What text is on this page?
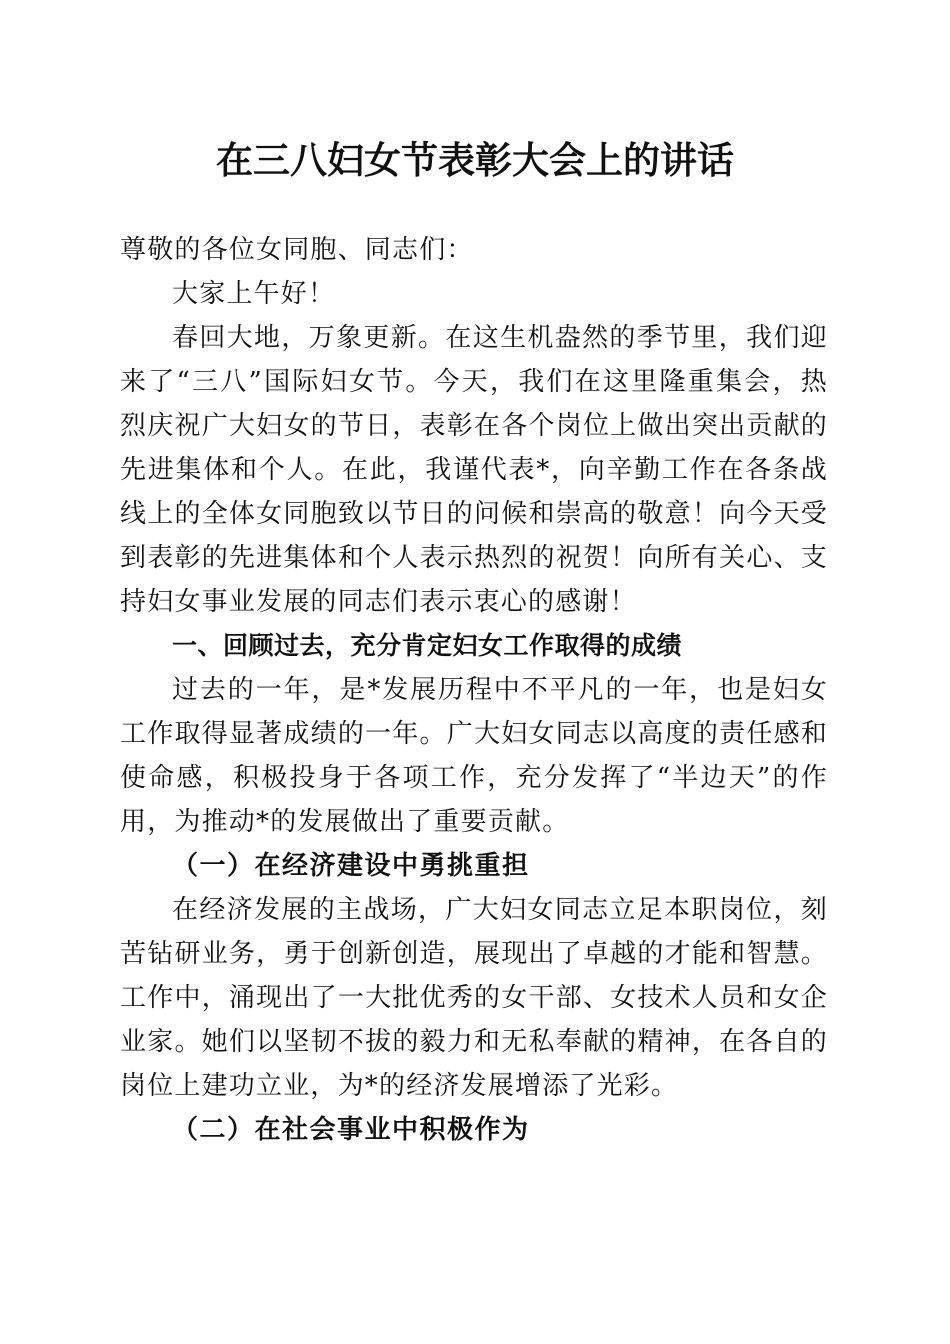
在三八妇女节表彰大会上的讲话

尊敬的各位女同胞、同志们：

大家上午好！

春回大地，万象更新。在这生机盎然的季节里，我们迎来了“三八”国际妇女节。今天，我们在这里隆重集会，热烈庆祝广大妇女的节日，表彰在各个岗位上做出突出贡献的先进集体和个人。在此，我谨代表*，向辛勤工作在各条战线上的全体女同胞致以节日的问候和崇高的敬意！向今天受到表彰的先进集体和个人表示热烈的祝贺！向所有关心、支持妇女事业发展的同志们表示衷心的感谢！

一、回顾过去，充分肯定妇女工作取得的成绩

过去的一年，是*发展历程中不平凡的一年，也是妇女工作取得显著成绩的一年。广大妇女同志以高度的责任感和使命感，积极投身于各项工作，充分发挥了“半边天”的作用，为推动*的发展做出了重要贡献。

（一）在经济建设中勇挑重担

在经济发展的主战场，广大妇女同志立足本职岗位，刻苦钻研业务，勇于创新创造，展现出了卓越的才能和智慧。工作中，涌现出了一大批优秀的女干部、女技术人员和女企业家。她们以坚韧不拔的毅力和无私奉献的精神，在各自的岗位上建功立业，为*的经济发展增添了光彩。

（二）在社会事业中积极作为
